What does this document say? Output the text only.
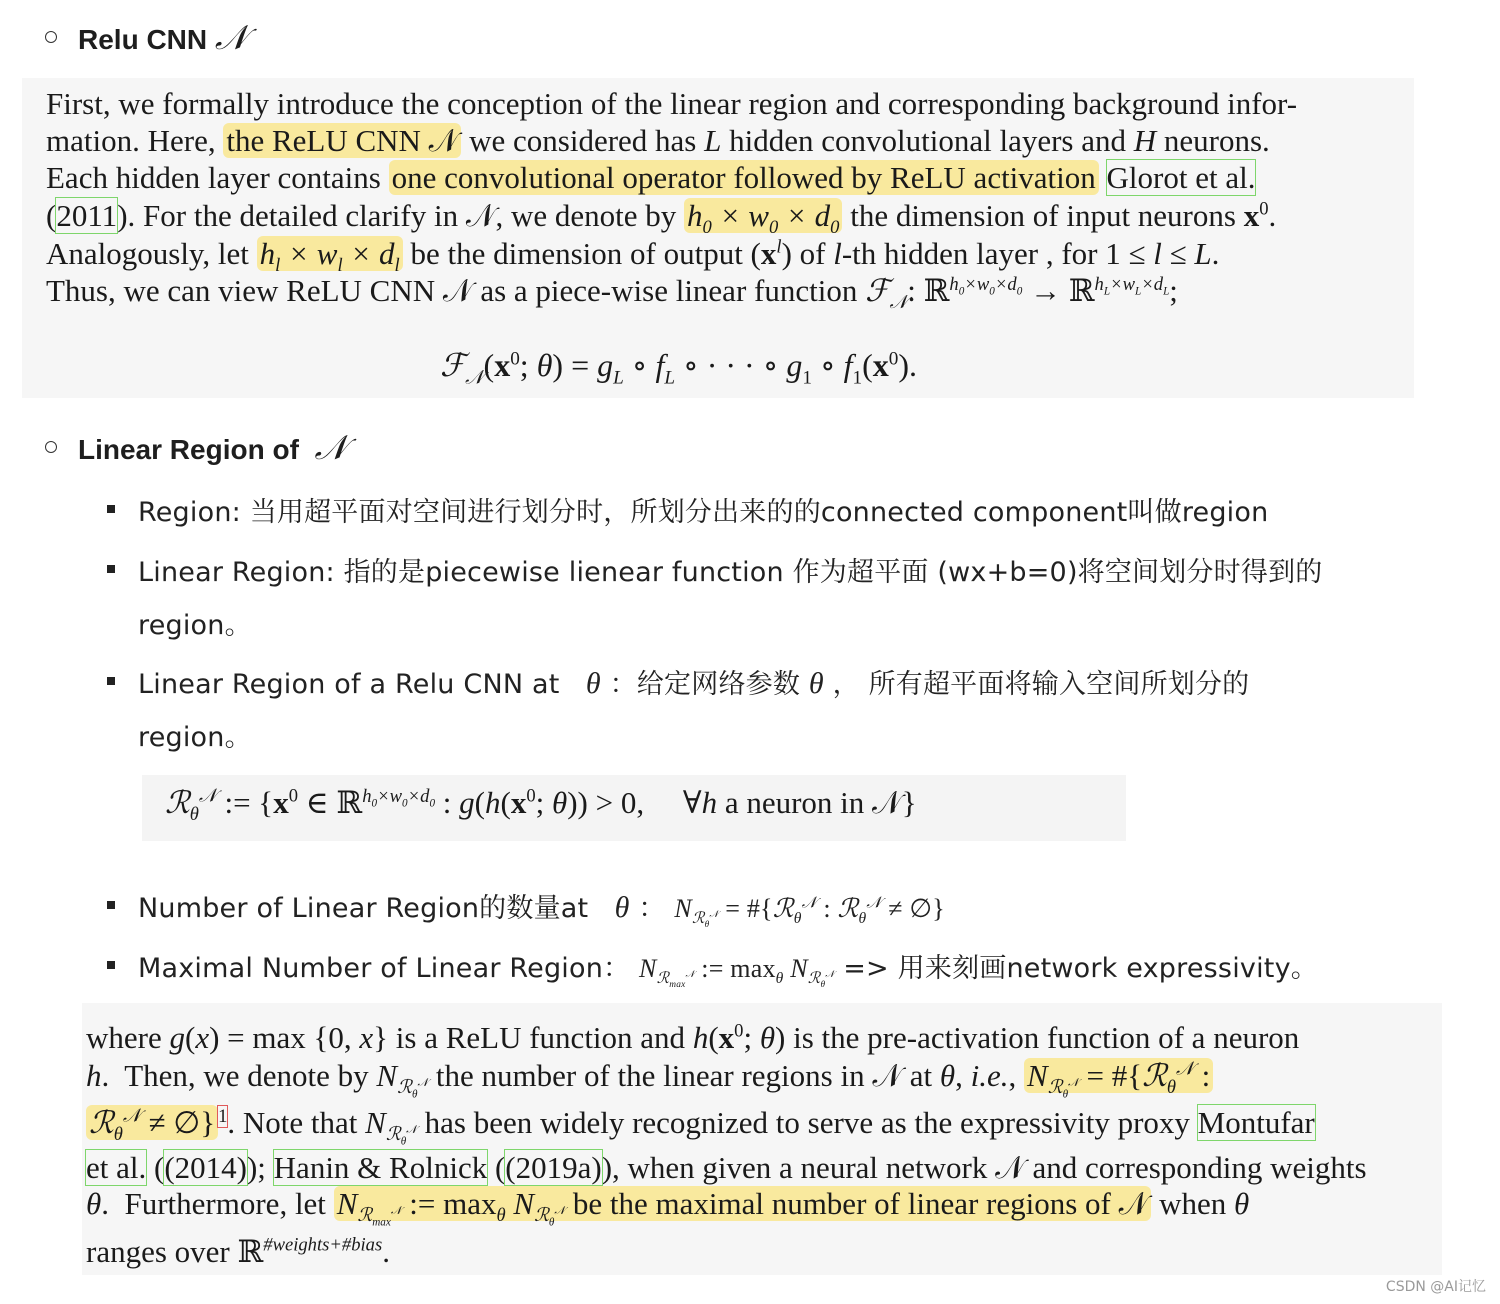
Relu CNN 𝒩
First, we formally introduce the conception of the linear region and corresponding background infor-
mation. Here, the ReLU CNN 𝒩 we considered has L hidden convolutional layers and H neurons.
Each hidden layer contains one convolutional operator followed by ReLU activation Glorot et al.
(2011). For the detailed clarify in 𝒩, we denote by $h_0 \times w_0 \times d_0$ the dimension of input neurons $x^0$.
Analogously, let $h_l \times w_l \times d_l$ be the dimension of output $(x^l)$ of l-th hidden layer , for 1 ≤ l ≤ L.
Thus, we can view ReLU CNN 𝒩 as a piece-wise linear function ℱ$_𝒩$: ℝ$^{h_0\times w_0\times d_0}$ → ℝ$^{h_L\times w_L\times d_L}$;
$ℱ_𝒩(x^0$; $\theta) = g_L$ ∘ $f_L$ ∘ · · · ∘ $g_1$ ∘ $f_1(x^0)$.
Linear Region of 𝒩
Region: 当用超平面对空间进行划分时，所划分出来的的connected component叫做region
Linear Region: 指的是piecewise lienear function 作为超平面 (wx+b=0)将空间划分时得到的
region。
Linear Region of a Relu CNN at θ ：给定网络参数 θ ， 所有超平面将输入空间所划分的
region。
ℛ$_\theta^𝒩$ := {$x^0$ ∈ ℝ$^{h_0\times w_0\times d_0}$ : $g(h(x^0$; θ)) > 0,     ∀h a neuron in 𝒩}
Number of Linear Region的数量at θ ： $N_{ℛ_\theta^𝒩}$ = #{ℛ$_\theta^𝒩$ : ℛ$_\theta^𝒩$ ≠ ∅}
Maximal Number of Linear Region： $N_{ℛ_{max}^𝒩}$ := $\max_\theta N_{ℛ_\theta^𝒩}$ => 用来刻画network expressivity。
where g(x) = max {0, x} is a ReLU function and $h(x^0$; θ) is the pre-activation function of a neuron
h.  Then, we denote by $N_{ℛ_\theta^𝒩}$ the number of the linear regions in 𝒩 at θ, i.e., $N_{ℛ_\theta^𝒩}$ = #{ℛ$_\theta^𝒩$ :
ℛ$_\theta^𝒩$ ≠ ∅} $^1$. Note that $N_{ℛ_\theta^𝒩}$ has been widely recognized to serve as the expressivity proxy Montufar
et al. ((2014)); Hanin & Rolnick ((2019a)), when given a neural network 𝒩 and corresponding weights
θ.  Furthermore, let $N_{ℛ_{max}^𝒩}$ := $\max_\theta N_{ℛ_\theta^𝒩}$ be the maximal number of linear regions of 𝒩 when θ
ranges over ℝ$^{\#weights+\#bias}$.
CSDN @AI记忆
